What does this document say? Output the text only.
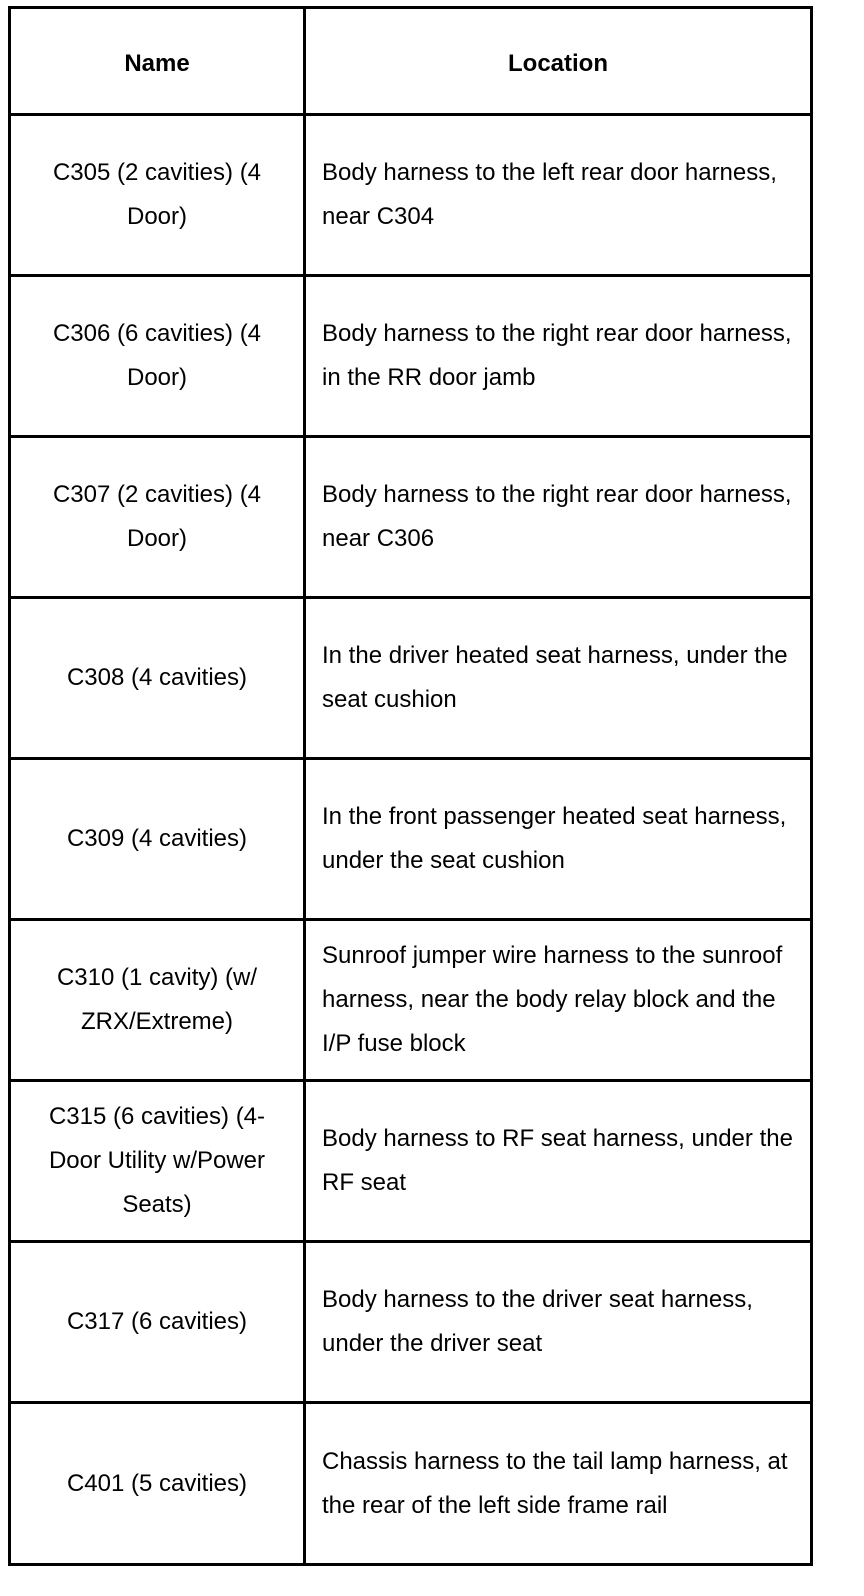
Name	Location
C305 (2 cavities) (4 Door)	Body harness to the left rear door harness, near C304
C306 (6 cavities) (4 Door)	Body harness to the right rear door harness, in the RR door jamb
C307 (2 cavities) (4 Door)	Body harness to the right rear door harness, near C306
C308 (4 cavities)	In the driver heated seat harness, under the seat cushion
C309 (4 cavities)	In the front passenger heated seat harness, under the seat cushion
C310 (1 cavity) (w/ ZRX/Extreme)	Sunroof jumper wire harness to the sunroof harness, near the body relay block and the I/P fuse block
C315 (6 cavities) (4-Door Utility w/Power Seats)	Body harness to RF seat harness, under the RF seat
C317 (6 cavities)	Body harness to the driver seat harness, under the driver seat
C401 (5 cavities)	Chassis harness to the tail lamp harness, at the rear of the left side frame rail
